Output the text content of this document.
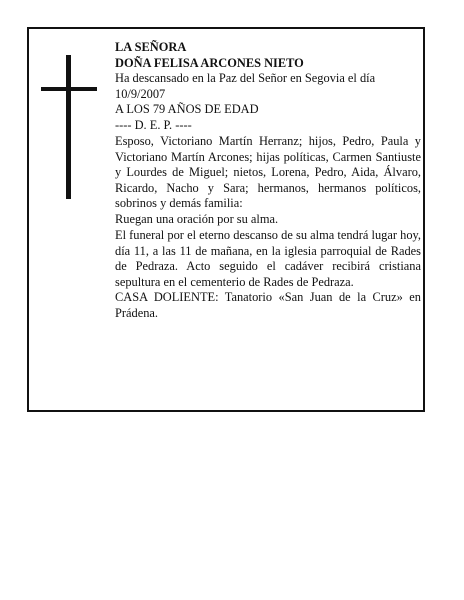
LA SEÑORA

DOÑA FELISA ARCONES NIETO

Ha descansado en la Paz del Señor en Segovia el día 10/9/2007

A LOS 79 AÑOS DE EDAD

---- D. E. P. ----

Esposo, Victoriano Martín Herranz; hijos, Pedro, Paula y Victoriano Martín Arcones; hijas políticas, Carmen Santiuste y Lourdes de Miguel; nietos, Lorena, Pedro, Aida, Álvaro, Ricardo, Nacho y Sara; hermanos, hermanos políticos, sobrinos y demás familia:

Ruegan una oración por su alma.

El funeral por el eterno descanso de su alma tendrá lugar hoy, día 11, a las 11 de mañana, en la iglesia parroquial de Rades de Pedraza. Acto seguido el cadáver recibirá cristiana sepultura en el cementerio de Rades de Pedraza.

CASA DOLIENTE: Tanatorio «San Juan de la Cruz» en Prádena.
